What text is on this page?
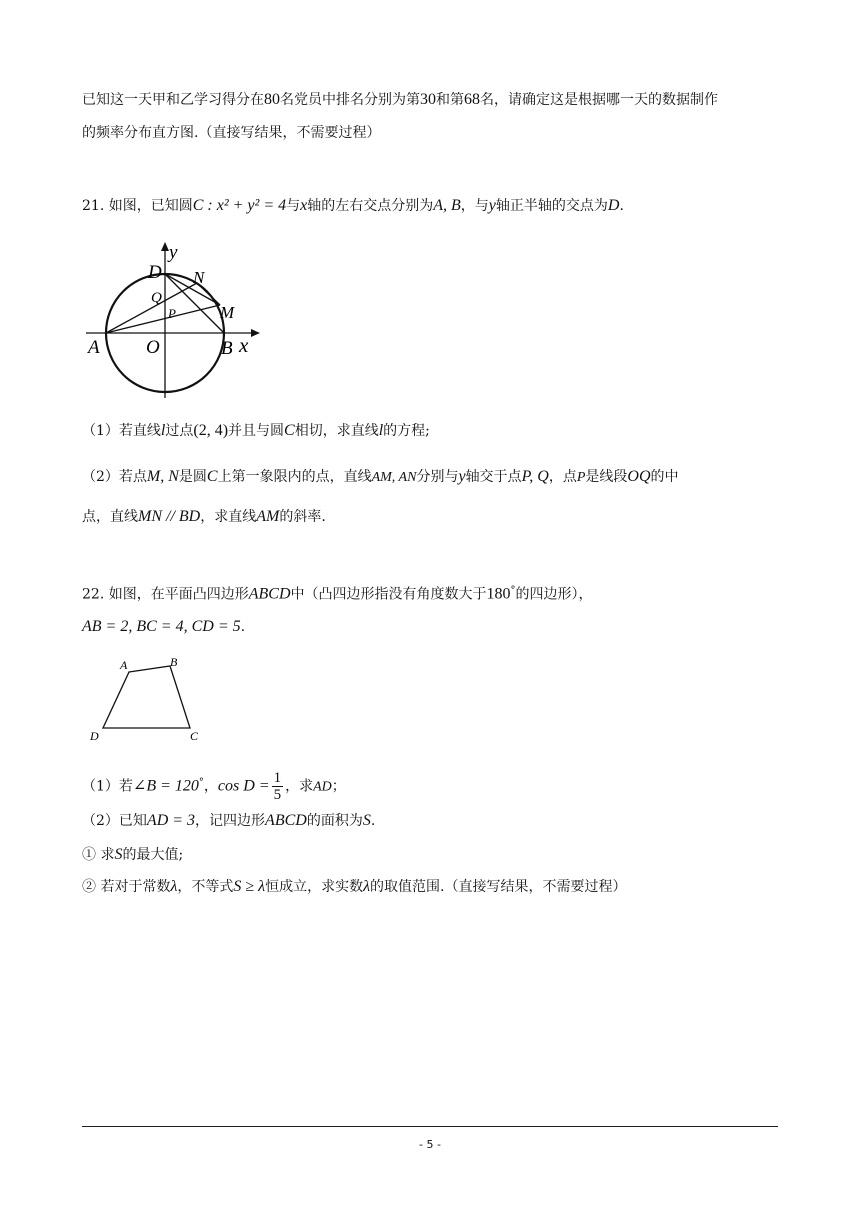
已知这一天甲和乙学习得分在80名党员中排名分别为第30和第68名，请确定这是根据哪一天的数据制作
的频率分布直方图.（直接写结果，不需要过程）
21. 如图，已知圆C : x² + y² = 4与x轴的左右交点分别为A, B，与y轴正半轴的交点为D.
D
y
N
Q
M
P
A O	B x
（1）若直线l过点(2, 4)并且与圆C相切，求直线l的方程;
（2）若点M, N是圆C上第一象限内的点，直线AM, AN分别与y轴交于点P, Q，点P是线段OQ的中
点，直线MN // BD，求直线AM的斜率.
22. 如图，在平面凸四边形ABCD中（凸四边形指没有角度数大于180°的四边形），
AB = 2, BC = 4, CD = 5.
A	B
C
D
（1）若∠B = 120°，$\cos D = \frac{1}{5}$ ，求AD；
（2）已知AD = 3，记四边形ABCD的面积为S.
① 求S的最大值;
② 若对于常数λ，不等式S ≥ λ恒成立，求实数λ的取值范围.（直接写结果，不需要过程）
- 5 -
